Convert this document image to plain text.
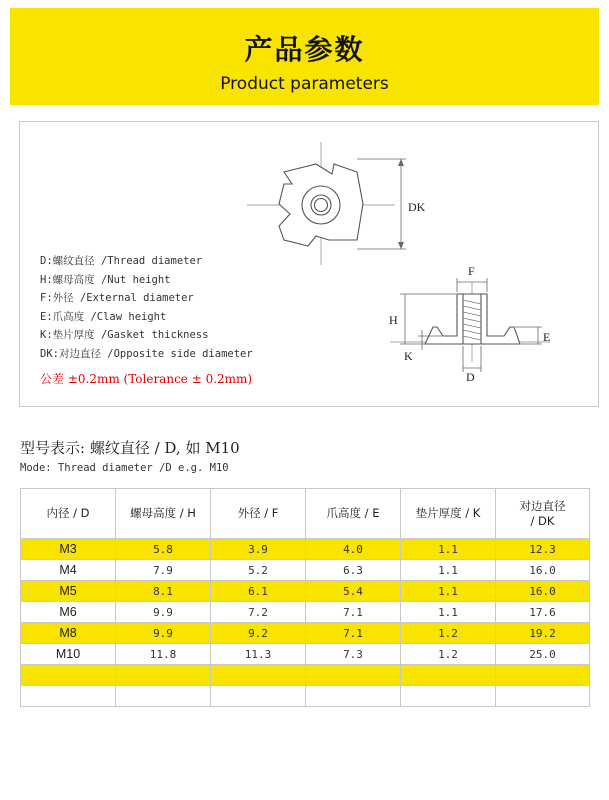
产品参数
Product parameters
DK
F
H
E
K
D
D:螺纹直径 /Thread diameter
H:螺母高度 /Nut height
F:外径 /External diameter
E:爪高度 /Claw height
K:垫片厚度 /Gasket thickness
DK:对边直径 /Opposite side diameter
公差 ±0.2mm (Tolerance ± 0.2mm)
型号表示: 螺纹直径 / D, 如 M10
Mode: Thread diameter /D e.g. M10
内径 / D	螺母高度 / H	外径 / F	爪高度 / E	垫片厚度 / K	对边直径
/ DK
M3	5.8	3.9	4.0	1.1	12.3
M4	7.9	5.2	6.3	1.1	16.0
M5	8.1	6.1	5.4	1.1	16.0
M6	9.9	7.2	7.1	1.1	17.6
M8	9.9	9.2	7.1	1.2	19.2
M10	11.8	11.3	7.3	1.2	25.0
